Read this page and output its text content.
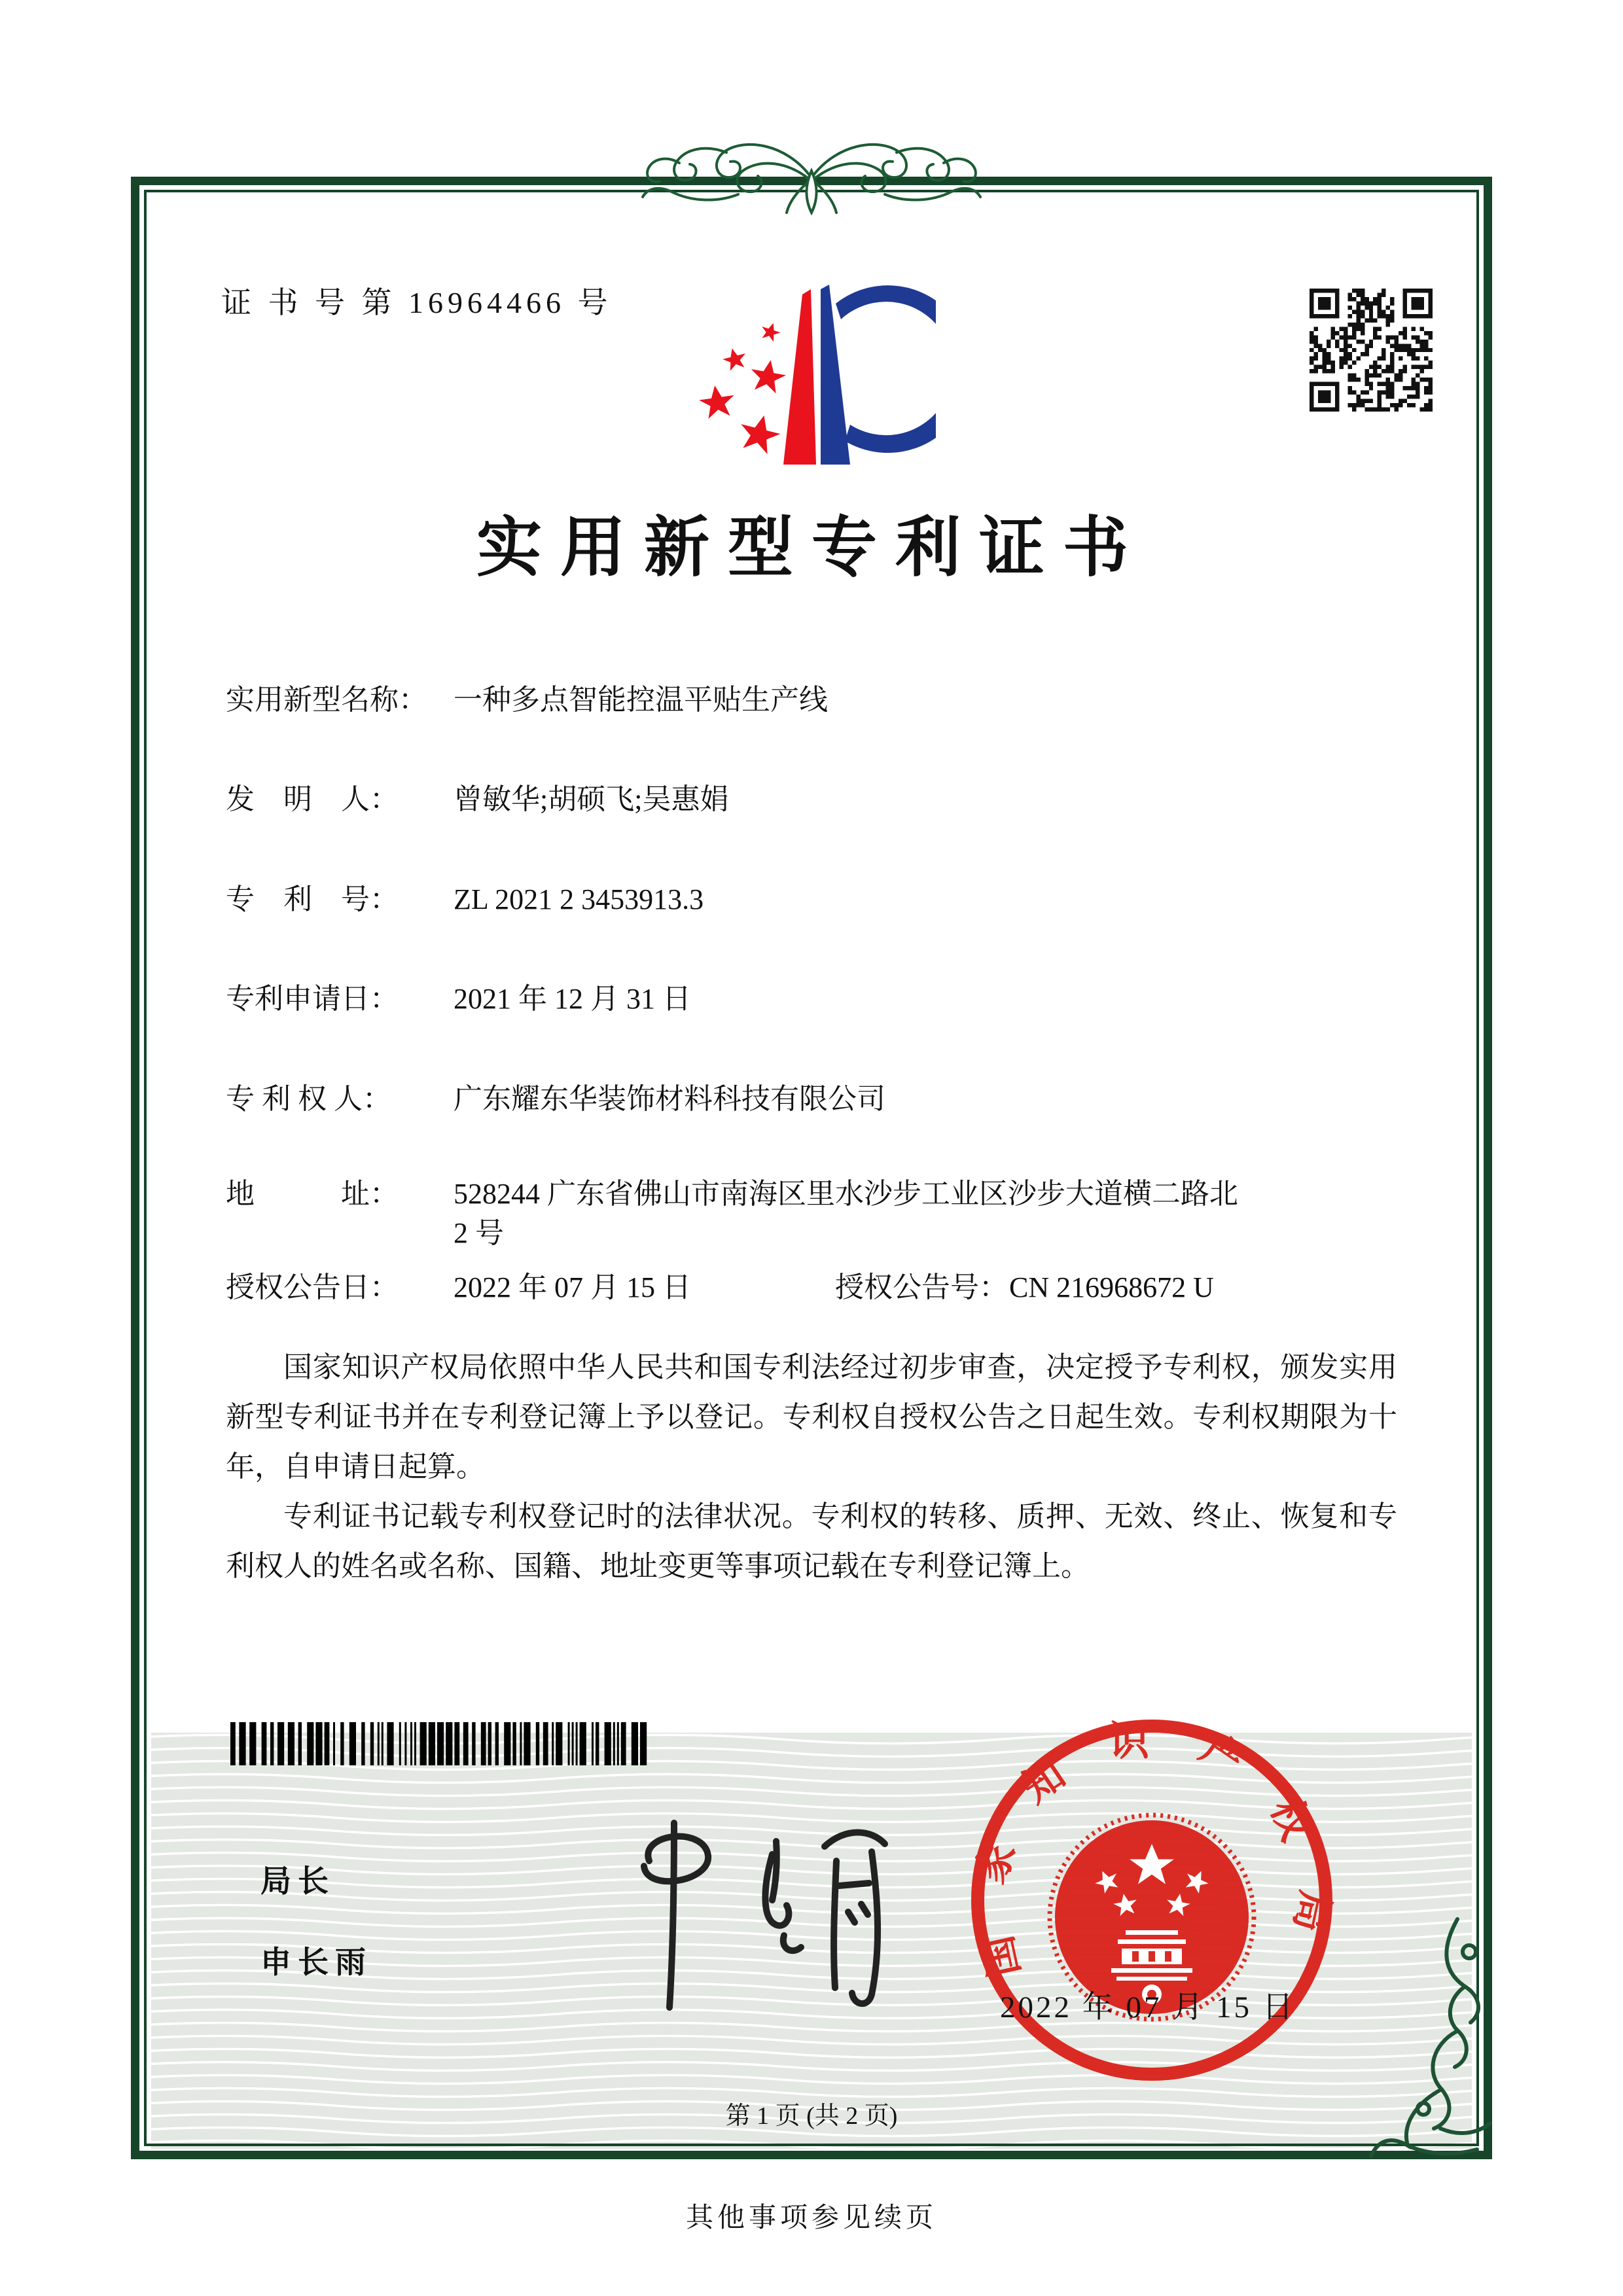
证 书 号 第 16964466 号
实用新型专利证书
实用新型名称： 一种多点智能控温平贴生产线
发　明　人：	曾敏华;胡硕飞;吴惠娟
专　利　号：	ZL 2021 2 3453913.3
专利申请日：	2021 年 12 月 31 日
专 利 权 人：	广东耀东华装饰材料科技有限公司
地　　　址：	528244 广东省佛山市南海区里水沙步工业区沙步大道横二路北 2 号
授权公告日：	2022 年 07 月 15 日	授权公告号： CN 216968672 U

国家知识产权局依照中华人民共和国专利法经过初步审查，决定授予专利权，颁发实用新型专利证书并在专利登记簿上予以登记。专利权自授权公告之日起生效。专利权期限为十年，自申请日起算。

专利证书记载专利权登记时的法律状况。专利权的转移、质押、无效、终止、恢复和专利权人的姓名或名称、国籍、地址变更等事项记载在专利登记簿上。

局长
申长雨	国家知识产权局
2022 年 07 月 15 日
第 1 页 (共 2 页)
其他事项参见续页
